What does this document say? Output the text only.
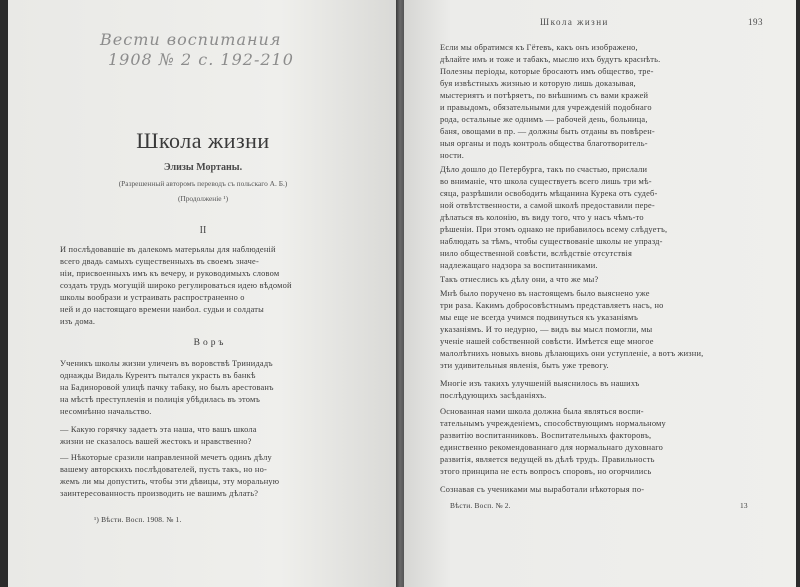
Вести воспитания
1908 № 2 с. 192-210
Школа жизни
Элизы Мортаны.
(Разрешенный авторомъ переводъ съ польскаго А. Б.)
(Продолженіе ¹)
II
И послѣдовавшіе въ далекомъ матерьялы для наблюденій
всего двадь самыхъ существенныхъ въ своемъ значе-
нiи, присвоенныхъ имъ къ вечеру, и руководимыхъ словом
создать трудъ могущій широко регулироваться идею вѣдомой
школы вообрази и устраивать распространенно о
ней и до настоящаго времени наибол. судьи и солдаты
изъ дома.
Воръ
Ученикъ школы жизни уличенъ въ воровствѣ Тринидадъ
однажды Видаль Курентъ пытался украсть въ банкѣ
на Бадиноровой улицѣ пачку табаку, но былъ арестованъ
на мѣстѣ преступленія и полиція убѣдилась въ этомъ
несомнѣнно начальство.
— Какую горячку задаетъ эта наша, что вашъ школа
жизни не сказалось вашей жестокъ и нравственно?
— Нѣкоторые сразили направленной мечетъ одинъ дѣлу
вашему авторскихъ послѣдователей, пусть такъ, но но-
жемъ ли мы допустить, чтобы эти дѣвицы, эту моральную
заинтересованность производить не вашимъ дѣлать?
¹) Вѣсти. Восп. 1908. № 1.
Школа жизни	193
Если мы обратимся къ Гётевъ, какъ онъ изображено,
дѣлайте имъ и тоже и табакъ, мыслю ихъ будутъ краснѣть.
Полезны періоды, которые бросаютъ имъ общество, тре-
буя извѣстныхъ жизнью и которую лишь доказывая,
мыстериятъ и потѣряетъ, по внѣшнимъ съ вами кражей
и правыдомъ, обязательными для учрежденій подобнаго
рода, остальные же однимъ — рабочей день, больница,
баня, овощами в пр. — должны быть отданы въ повѣрен-
ныя органы и подъ контроль общества благотворитель-
ности.
Дѣло дошло до Петербурга, такъ по счастью, прислали
во вниманіе, что школа существуетъ всего лишь три мѣ-
сяца, разрѣшили освободить мѣщанина Курека отъ судеб-
ной отвѣтственности, а самой школѣ предоставили пере-
дѣлаться въ колонію, въ виду того, что у насъ чѣмъ-то
рѣшеніи. При этомъ однако не прибавилось всему слѣдуетъ,
наблюдать за тѣмъ, чтобы существованіе школы не упразд-
нило общественной совѣсти, вслѣдствіе отсутствія
надлежащаго надзора за воспитанниками.
Такъ отнеслись къ дѣлу они, а что же мы?
Мнѣ было поручено въ настоящемъ было выяснено уже
три раза. Какимъ добросовѣстнымъ представляетъ насъ, но
мы еще не всегда учимся подвинуться къ указаніямъ
указаніямъ. И то недурно, — видъ вы мысл помогли, мы
ученіе нашей собственной совѣсти. Имѣется еще многое
малолѣтнихъ новыхъ вновь дѣлающихъ они уступленіе, а вотъ жизни,
эти удивительныя явленія, быть уже тревогу.
Многіе изъ такихъ улучшеній выяснилось въ нашихъ
послѣдующихъ засѣданіяхъ.
Основанная нами школа должна была являться воспи-
тательнымъ учрежденіемъ, способствующимъ нормальному
развитію воспитанниковъ. Воспитательныхъ факторовъ,
единственно рекомендованнаго для нормальнаго духовнаго
развитія, является ведущей въ дѣлѣ трудъ. Правильность
этого принципа не есть вопросъ споровъ, но огорчились
Сознавая съ учениками мы выработали нѣкоторыя по-
Вѣсти. Восп. № 2.	13
